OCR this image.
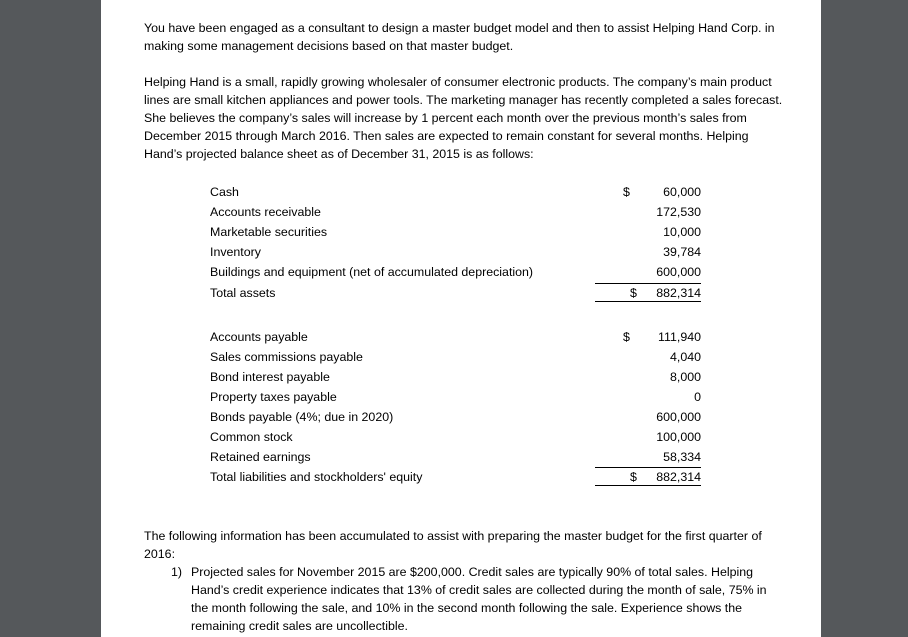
You have been engaged as a consultant to design a master budget model and then to assist Helping Hand Corp. in making some management decisions based on that master budget.

Helping Hand is a small, rapidly growing wholesaler of consumer electronic products. The company’s main product lines are small kitchen appliances and power tools. The marketing manager has recently completed a sales forecast. She believes the company’s sales will increase by 1 percent each month over the previous month’s sales from December 2015 through March 2016. Then sales are expected to remain constant for several months. Helping Hand’s projected balance sheet as of December 31, 2015 is as follows:

Cash	$	60,000
Accounts receivable	172,530
Marketable securities	10,000
Inventory	39,784
Buildings and equipment (net of accumulated depreciation)	600,000
Total assets	$ 882,314
Accounts payable	$ 111,940
Sales commissions payable	4,040
Bond interest payable	8,000
Property taxes payable	0
Bonds payable (4%; due in 2020)	600,000
Common stock	100,000
Retained earnings	58,334
Total liabilities and stockholders' equity	$ 882,314

The following information has been accumulated to assist with preparing the master budget for the first quarter of 2016:

1) Projected sales for November 2015 are $200,000. Credit sales are typically 90% of total sales. Helping Hand’s credit experience indicates that 13% of credit sales are collected during the month of sale, 75% in the month following the sale, and 10% in the second month following the sale. Experience shows the remaining credit sales are uncollectible.
